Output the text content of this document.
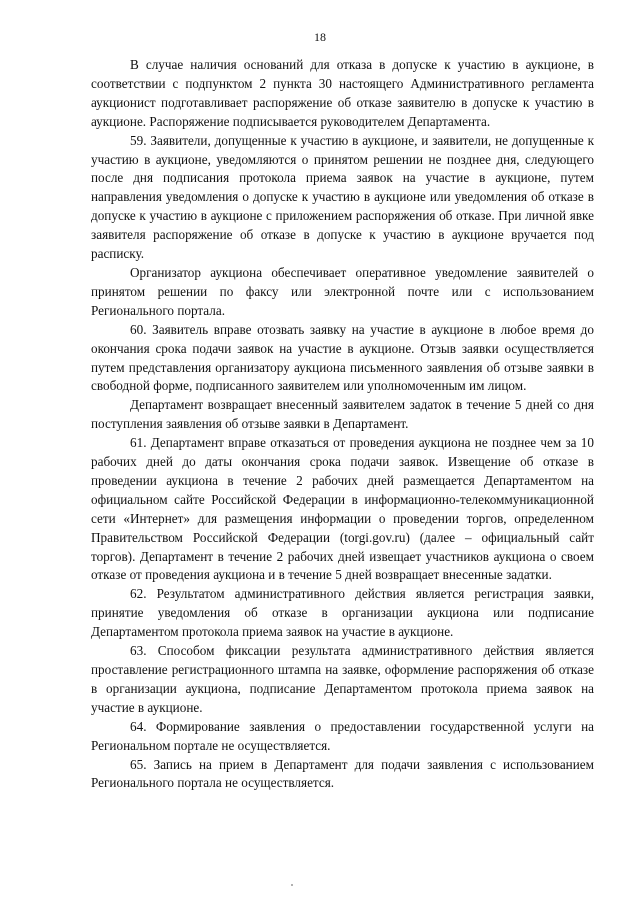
18

В случае наличия оснований для отказа в допуске к участию в аукционе, в соответствии с подпунктом 2 пункта 30 настоящего Административного регламента аукционист подготавливает распоряжение об отказе заявителю в допуске к участию в аукционе. Распоряжение подписывается руководителем Департамента.

59. Заявители, допущенные к участию в аукционе, и заявители, не допущенные к участию в аукционе, уведомляются о принятом решении не позднее дня, следующего после дня подписания протокола приема заявок на участие в аукционе, путем направления уведомления о допуске к участию в аукционе или уведомления об отказе в допуске к участию в аукционе с приложением распоряжения об отказе. При личной явке заявителя распоряжение об отказе в допуске к участию в аукционе вручается под расписку.

Организатор аукциона обеспечивает оперативное уведомление заявителей о принятом решении по факсу или электронной почте или с использованием Регионального портала.

60. Заявитель вправе отозвать заявку на участие в аукционе в любое время до окончания срока подачи заявок на участие в аукционе. Отзыв заявки осуществляется путем представления организатору аукциона письменного заявления об отзыве заявки в свободной форме, подписанного заявителем или уполномоченным им лицом.

Департамент возвращает внесенный заявителем задаток в течение 5 дней со дня поступления заявления об отзыве заявки в Департамент.

61. Департамент вправе отказаться от проведения аукциона не позднее чем за 10 рабочих дней до даты окончания срока подачи заявок. Извещение об отказе в проведении аукциона в течение 2 рабочих дней размещается Департаментом на официальном сайте Российской Федерации в информационно-телекоммуникационной сети «Интернет» для размещения информации о проведении торгов, определенном Правительством Российской Федерации (torgi.gov.ru) (далее – официальный сайт торгов). Департамент в течение 2 рабочих дней извещает участников аукциона о своем отказе от проведения аукциона и в течение 5 дней возвращает внесенные задатки.

62. Результатом административного действия является регистрация заявки, принятие уведомления об отказе в организации аукциона или подписание Департаментом протокола приема заявок на участие в аукционе.

63. Способом фиксации результата административного действия является проставление регистрационного штампа на заявке, оформление распоряжения об отказе в организации аукциона, подписание Департаментом протокола приема заявок на участие в аукционе.

64. Формирование заявления о предоставлении государственной услуги на Региональном портале не осуществляется.

65. Запись на прием в Департамент для подачи заявления с использованием Регионального портала не осуществляется.
